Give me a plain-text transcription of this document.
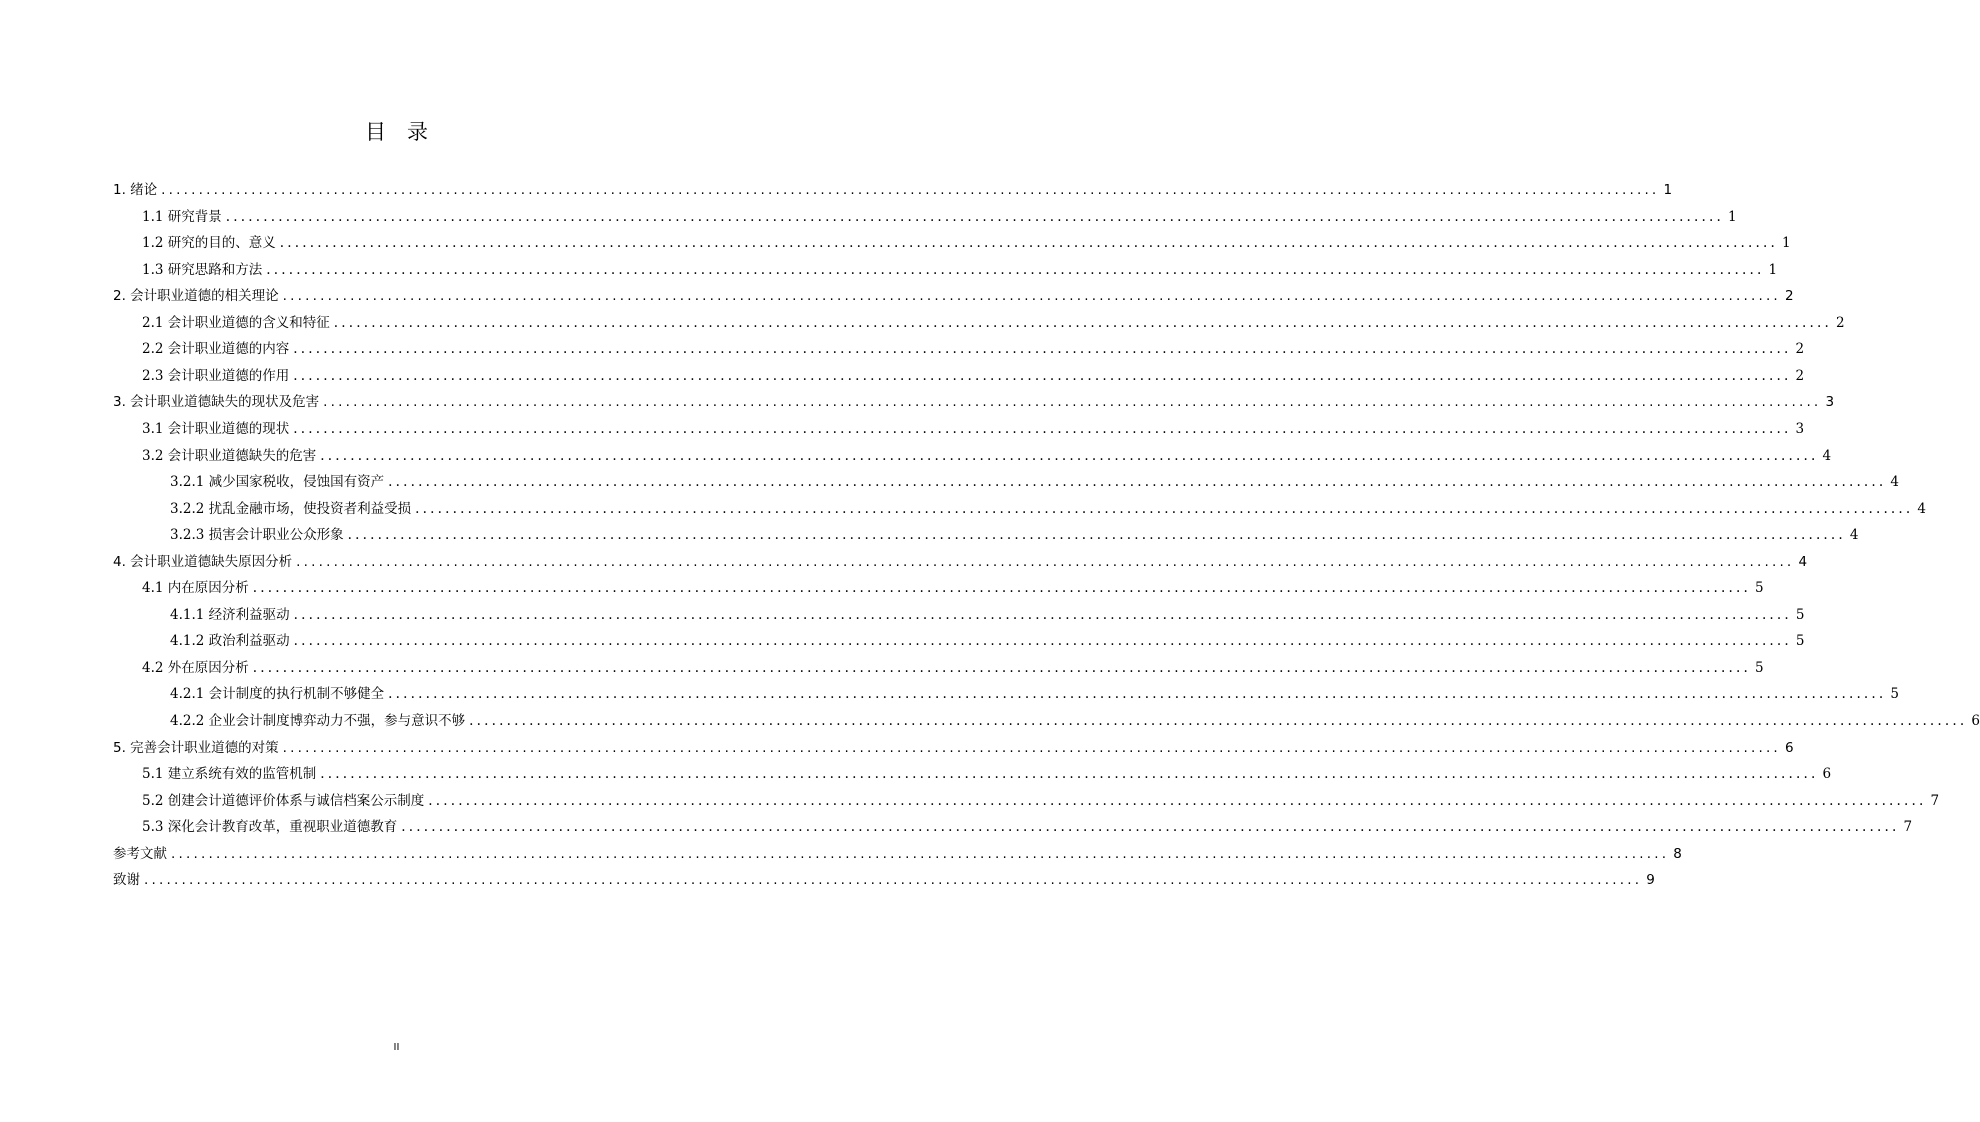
目　录
1. 绪论 ........................................................................................................................................................................................................ 1
1.1 研究背景 ........................................................................................................................................................................................................ 1
1.2 研究的目的、意义 ........................................................................................................................................................................................................ 1
1.3 研究思路和方法 ........................................................................................................................................................................................................ 1
2. 会计职业道德的相关理论 ........................................................................................................................................................................................................ 2
2.1 会计职业道德的含义和特征 ........................................................................................................................................................................................................ 2
2.2 会计职业道德的内容 ........................................................................................................................................................................................................ 2
2.3 会计职业道德的作用 ........................................................................................................................................................................................................ 2
3. 会计职业道德缺失的现状及危害 ........................................................................................................................................................................................................ 3
3.1 会计职业道德的现状 ........................................................................................................................................................................................................ 3
3.2 会计职业道德缺失的危害 ........................................................................................................................................................................................................ 4
3.2.1 减少国家税收，侵蚀国有资产 ........................................................................................................................................................................................................ 4
3.2.2 扰乱金融市场，使投资者利益受损 ........................................................................................................................................................................................................ 4
3.2.3 损害会计职业公众形象 ........................................................................................................................................................................................................ 4
4. 会计职业道德缺失原因分析 ........................................................................................................................................................................................................ 4
4.1 内在原因分析 ........................................................................................................................................................................................................ 5
4.1.1 经济利益驱动 ........................................................................................................................................................................................................ 5
4.1.2 政治利益驱动 ........................................................................................................................................................................................................ 5
4.2 外在原因分析 ........................................................................................................................................................................................................ 5
4.2.1 会计制度的执行机制不够健全 ........................................................................................................................................................................................................ 5
4.2.2 企业会计制度博弈动力不强，参与意识不够 ........................................................................................................................................................................................................ 6
5. 完善会计职业道德的对策 ........................................................................................................................................................................................................ 6
5.1 建立系统有效的监管机制 ........................................................................................................................................................................................................ 6
5.2 创建会计道德评价体系与诚信档案公示制度 ........................................................................................................................................................................................................ 7
5.3 深化会计教育改革，重视职业道德教育 ........................................................................................................................................................................................................ 7
参考文献 ........................................................................................................................................................................................................ 8
致谢 ........................................................................................................................................................................................................ 9
II
